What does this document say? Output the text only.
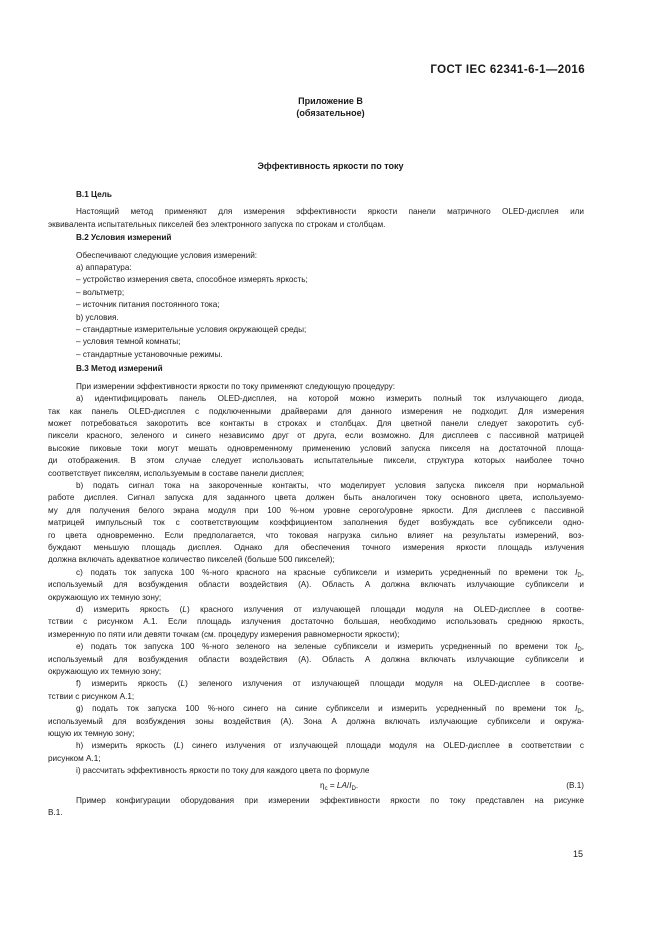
ГОСТ IEC 62341-6-1—2016
Приложение В
(обязательное)
Эффективность яркости по току

В.1 Цель

Настоящий метод применяют для измерения эффективности яркости панели матричного OLED-дисплея или

эквивалента испытательных пикселей без электронного запуска по строкам и столбцам.

В.2 Условия измерений

Обеспечивают следующие условия измерений:

а) аппаратура:

– устройство измерения света, способное измерять яркость;

– вольтметр;

– источник питания постоянного тока;

b) условия.

– стандартные измерительные условия окружающей среды;

– условия темной комнаты;

– стандартные установочные режимы.

В.3 Метод измерений

При измерении эффективности яркости по току применяют следующую процедуру:

а) идентифицировать панель OLED-дисплея, на которой можно измерить полный ток излучающего диода,

так как панель OLED-дисплея с подключенными драйверами для данного измерения не подходит. Для измерения

может потребоваться закоротить все контакты в строках и столбцах. Для цветной панели следует закоротить суб-

пиксели красного, зеленого и синего независимо друг от друга, если возможно. Для дисплеев с пассивной матрицей

высокие пиковые токи могут мешать одновременному применению условий запуска пикселя на достаточной площа-

ди отображения. В этом случае следует использовать испытательные пиксели, структура которых наиболее точно

соответствует пикселям, используемым в составе панели дисплея;

b) подать сигнал тока на закороченные контакты, что моделирует условия запуска пикселя при нормальной

работе дисплея. Сигнал запуска для заданного цвета должен быть аналогичен току основного цвета, используемо-

му для получения белого экрана модуля при 100 %-ном уровне серого/уровне яркости. Для дисплеев с пассивной

матрицей импульсный ток с соответствующим коэффициентом заполнения будет возбуждать все субпиксели одно-

го цвета одновременно. Если предполагается, что токовая нагрузка сильно влияет на результаты измерений, воз-

буждают меньшую площадь дисплея. Однако для обеспечения точного измерения яркости площадь излучения

должна включать адекватное количество пикселей (больше 500 пикселей);

c) подать ток запуска 100 %-ного красного на красные субпиксели и измерить усредненный по времени ток $I_D$,

используемый для возбуждения области воздействия (А). Область А должна включать излучающие субпиксели и

окружающую их темную зону;

d) измерить яркость (L) красного излучения от излучающей площади модуля на OLED-дисплее в соотве-

тствии с рисунком А.1. Если площадь излучения достаточно большая, необходимо использовать среднюю яркость,

измеренную по пяти или девяти точкам (см. процедуру измерения равномерности яркости);

е) подать ток запуска 100 %-ного зеленого на зеленые субпиксели и измерить усредненный по времени ток $I_D$,

используемый для возбуждения области воздействия (А). Область А должна включать излучающие субпиксели и

окружающую их темную зону;

f) измерить яркость (L) зеленого излучения от излучающей площади модуля на OLED-дисплее в соотве-

тствии с рисунком А.1;

g) подать ток запуска 100 %-ного синего на синие субпиксели и измерить усредненный по времени ток $I_D$,

используемый для возбуждения зоны воздействия (А). Зона А должна включать излучающие субпиксели и окружа-

ющую их темную зону;

h) измерить яркость (L) синего излучения от излучающей площади модуля на OLED-дисплее в соответствии с

рисунком А.1;

i) рассчитать эффективность яркости по току для каждого цвета по формуле

$\eta_c = LA/I_D$.	(В.1)

Пример конфигурации оборудования при измерении эффективности яркости по току представлен на рисунке

В.1.

15
